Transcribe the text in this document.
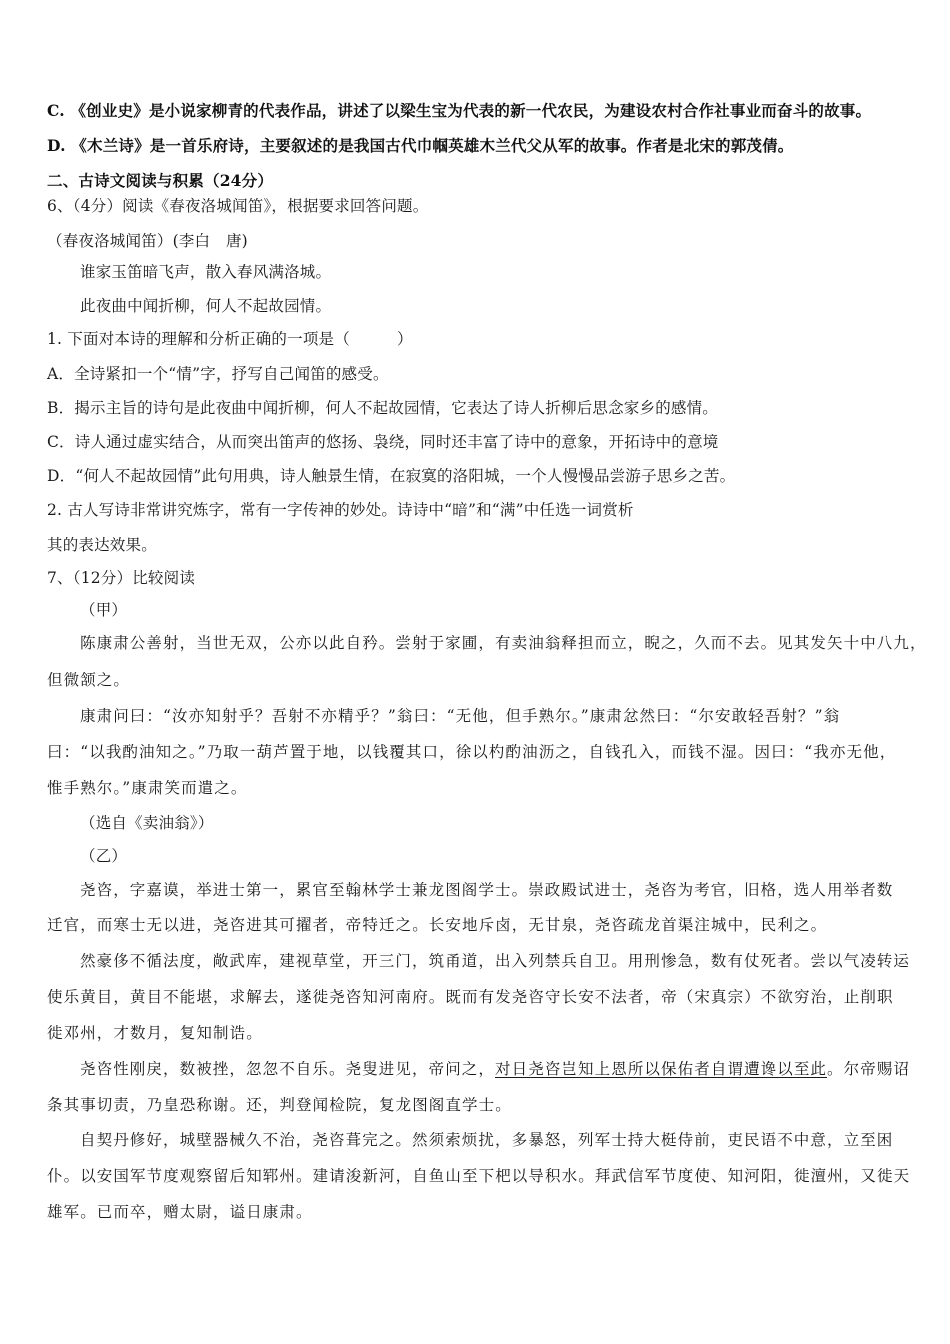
C. 《创业史》是小说家柳青的代表作品，讲述了以梁生宝为代表的新一代农民，为建设农村合作社事业而奋斗的故事。
D. 《木兰诗》是一首乐府诗，主要叙述的是我国古代巾帼英雄木兰代父从军的故事。作者是北宋的郭茂倩。
二、古诗文阅读与积累（24分）
6、（4分）阅读《春夜洛城闻笛》，根据要求回答问题。
（春夜洛城闻笛）(李白　唐)
谁家玉笛暗飞声，散入春风满洛城。
此夜曲中闻折柳，何人不起故园情。
1. 下面对本诗的理解和分析正确的一项是（　　　）
A．全诗紧扣一个“情”字，抒写自己闻笛的感受。
B．揭示主旨的诗句是此夜曲中闻折柳，何人不起故园情，它表达了诗人折柳后思念家乡的感情。
C．诗人通过虚实结合，从而突出笛声的悠扬、袅绕，同时还丰富了诗中的意象，开拓诗中的意境
D．“何人不起故园情”此句用典，诗人触景生情，在寂寞的洛阳城，一个人慢慢品尝游子思乡之苦。
2. 古人写诗非常讲究炼字，常有一字传神的妙处。诗诗中“暗”和“满”中任选一词赏析
其的表达效果。
7、（12分）比较阅读
（甲）
陈康肃公善射，当世无双，公亦以此自矜。尝射于家圃，有卖油翁释担而立，睨之，久而不去。见其发矢十中八九，
但微颔之。
康肃问曰：“汝亦知射乎？吾射不亦精乎？”翁曰：“无他，但手熟尔。”康肃忿然曰：“尔安敢轻吾射？”翁
曰：“以我酌油知之。”乃取一葫芦置于地，以钱覆其口，徐以杓酌油沥之，自钱孔入，而钱不湿。因曰：“我亦无他，
惟手熟尔。”康肃笑而遣之。
（选自《卖油翁》）
（乙）
尧咨，字嘉谟，举进士第一，累官至翰林学士兼龙图阁学士。崇政殿试进士，尧咨为考官，旧格，选人用举者数
迁官，而寒士无以进，尧咨进其可擢者，帝特迁之。长安地斥卤，无甘泉，尧咨疏龙首渠注城中，民利之。
然豪侈不循法度，敞武库，建视草堂，开三门，筑甬道，出入列禁兵自卫。用刑惨急，数有仗死者。尝以气凌转运
使乐黄目，黄目不能堪，求解去，遂徙尧咨知河南府。既而有发尧咨守长安不法者，帝（宋真宗）不欲穷治，止削职
徙邓州，才数月，复知制诰。
尧咨性刚戾，数被挫，忽忽不自乐。尧叟进见，帝问之，对日尧咨岂知上恩所以保佑者自谓遭谗以至此。尔帝赐诏
条其事切责，乃皇恐称谢。还，判登闻检院，复龙图阁直学士。
自契丹修好，城壁器械久不治，尧咨葺完之。然须索烦扰，多暴怒，列军士持大梃侍前，吏民语不中意，立至困
仆。以安国军节度观察留后知郓州。建请浚新河，自鱼山至下杷以导积水。拜武信军节度使、知河阳，徙澶州，又徙天
雄军。已而卒，赠太尉，谥日康肃。
